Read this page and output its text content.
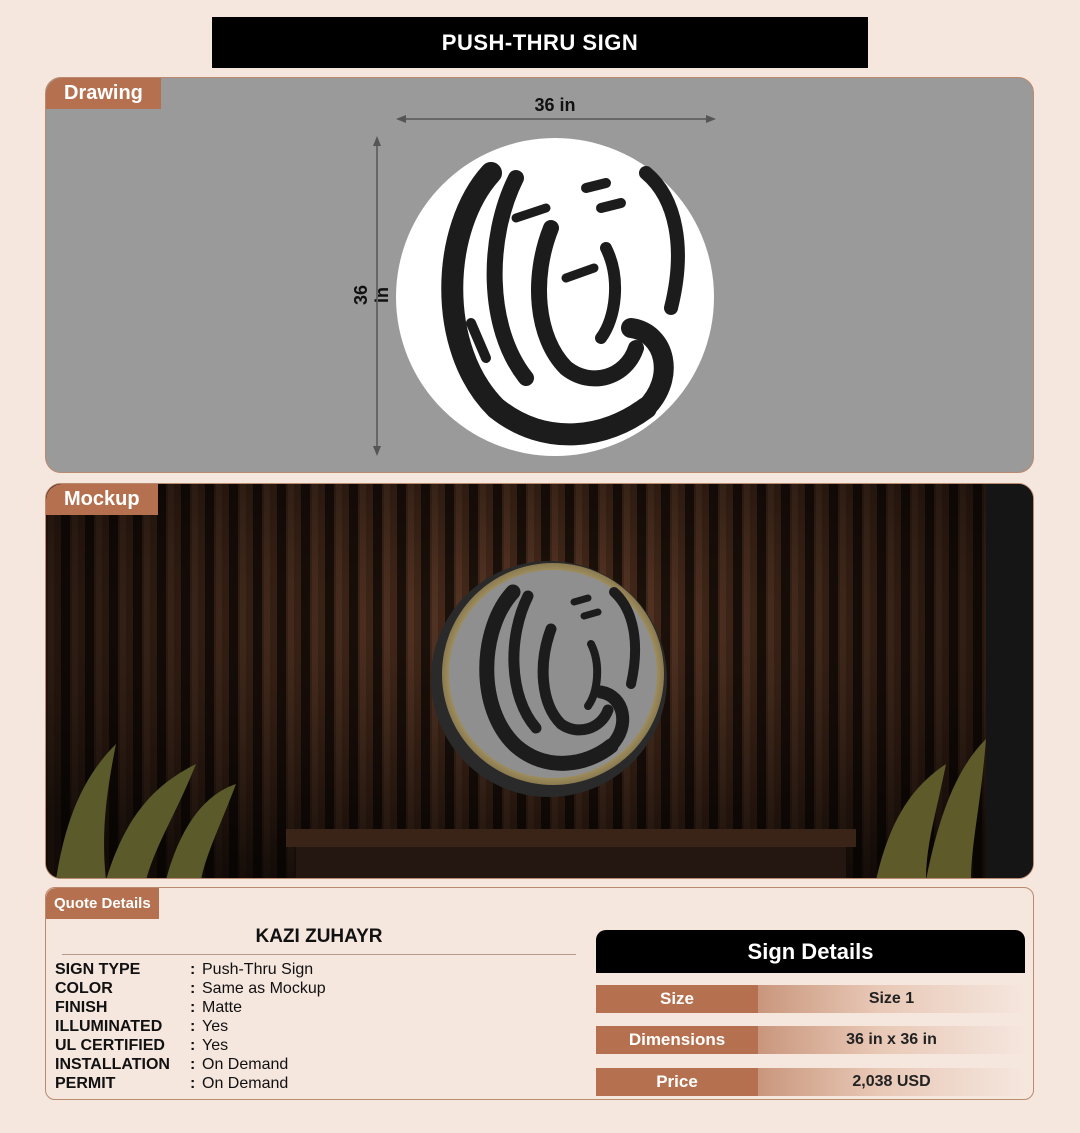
PUSH-THRU SIGN
Drawing
36 in
36 in
Mockup
Quote Details
KAZI ZUHAYR
SIGN TYPE	: Push-Thru Sign
COLOR	: Same as Mockup
FINISH	: Matte
ILLUMINATED	: Yes
UL CERTIFIED	: Yes
INSTALLATION	: On Demand
PERMIT	: On Demand
Sign Details
Size	Size 1
Dimensions	36 in x 36 in
Price	2,038 USD
